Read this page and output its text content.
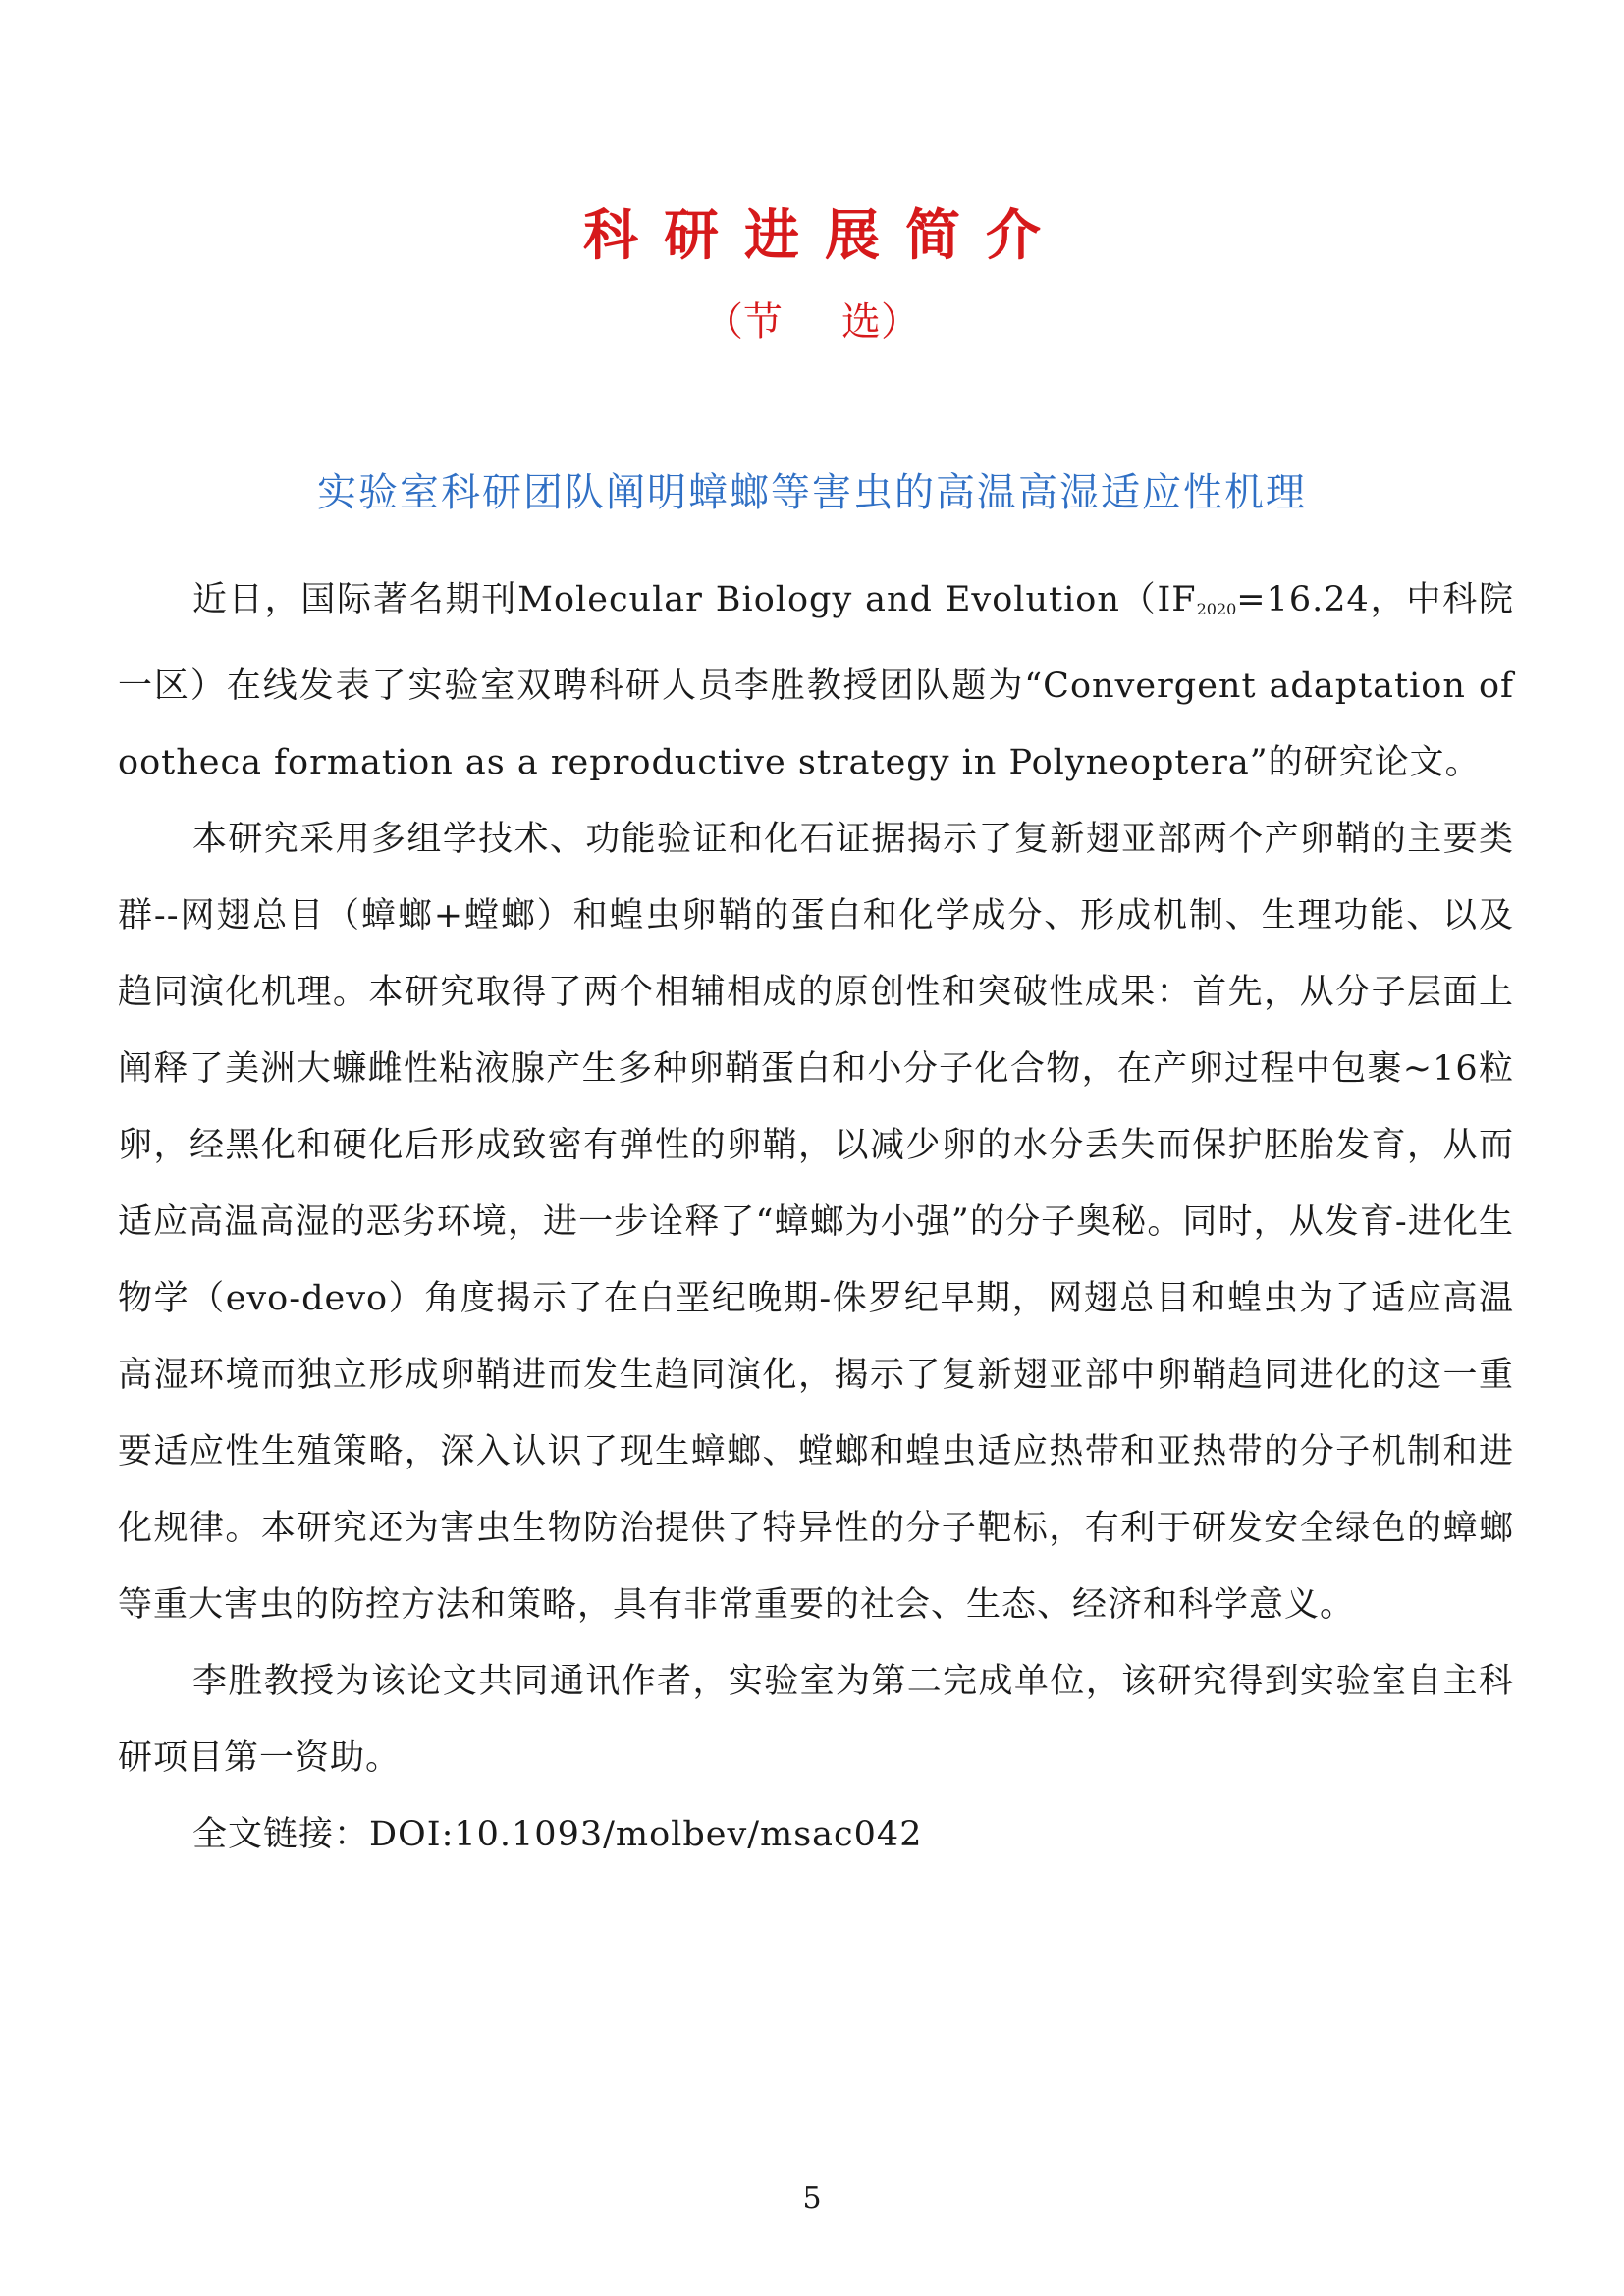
科研进展简介
（节 选）
实验室科研团队阐明蟑螂等害虫的高温高湿适应性机理

近日，国际著名期刊Molecular Biology and $Evolution(IF_{2020}=16.24$，中科院一区）在线发表了实验室双聘科研人员李胜教授团队题为“Convergent adaptation of ootheca formation as a reproductive strategy in Polyneoptera”的研究论文。

本研究采用多组学技术、功能验证和化石证据揭示了复新翅亚部两个产卵鞘的主要类群--网翅总目（蟑螂+螳螂）和蝗虫卵鞘的蛋白和化学成分、形成机制、生理功能、以及趋同演化机理。本研究取得了两个相辅相成的原创性和突破性成果：首先，从分子层面上阐释了美洲大蠊雌性粘液腺产生多种卵鞘蛋白和小分子化合物，在产卵过程中包裹~16粒卵，经黑化和硬化后形成致密有弹性的卵鞘，以减少卵的水分丢失而保护胚胎发育，从而适应高温高湿的恶劣环境，进一步诠释了“蟑螂为小强”的分子奥秘。同时，从发育-进化生物学（evo-devo）角度揭示了在白垩纪晚期-侏罗纪早期，网翅总目和蝗虫为了适应高温高湿环境而独立形成卵鞘进而发生趋同演化，揭示了复新翅亚部中卵鞘趋同进化的这一重要适应性生殖策略，深入认识了现生蟑螂、螳螂和蝗虫适应热带和亚热带的分子机制和进化规律。本研究还为害虫生物防治提供了特异性的分子靶标，有利于研发安全绿色的蟑螂等重大害虫的防控方法和策略，具有非常重要的社会、生态、经济和科学意义。

李胜教授为该论文共同通讯作者，实验室为第二完成单位，该研究得到实验室自主科研项目第一资助。

全文链接：DOI:10.1093/molbev/msac042

5
